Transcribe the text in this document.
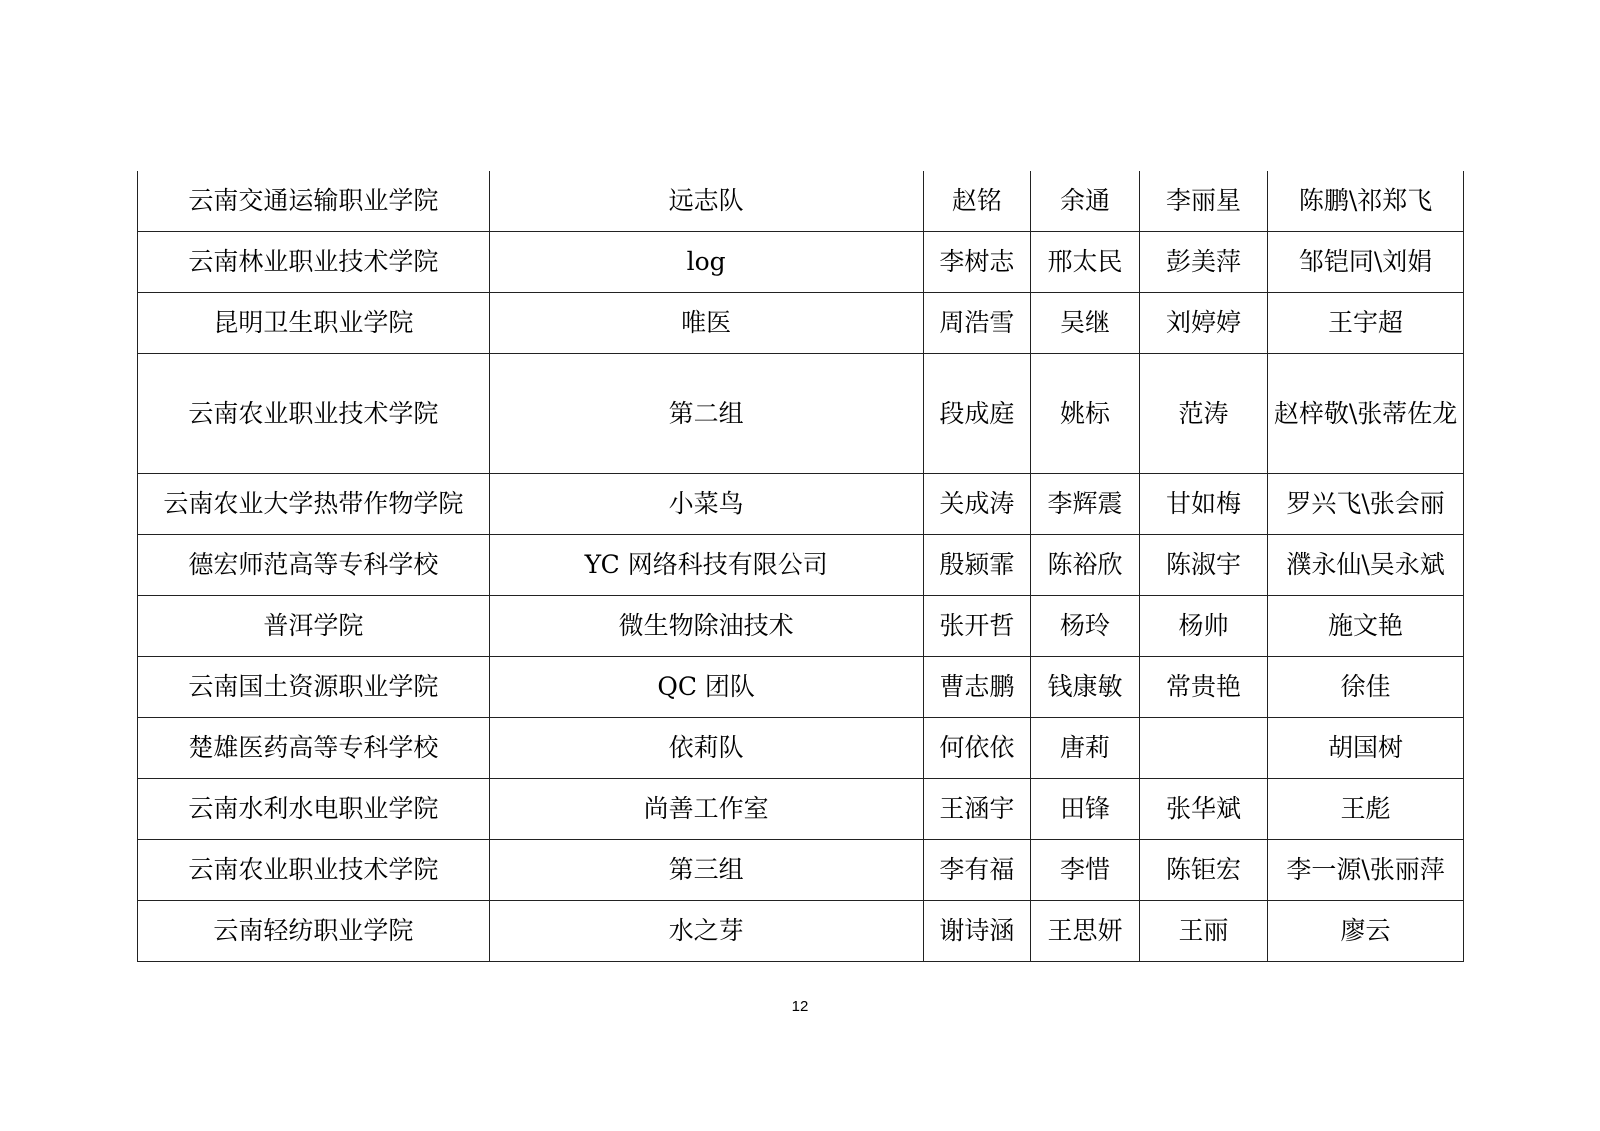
云南交通运输职业学院	远志队	赵铭	余通	李丽星	陈鹏\祁郑飞
云南林业职业技术学院	log	李树志	邢太民	彭美萍	邹铠同\刘娟
昆明卫生职业学院	唯医	周浩雪	吴继	刘婷婷	王宇超
云南农业职业技术学院	第二组	段成庭	姚标	范涛	赵梓敬\张蒂佐龙
云南农业大学热带作物学院	小菜鸟	关成涛	李辉震	甘如梅	罗兴飞\张会丽
德宏师范高等专科学校	YC 网络科技有限公司	殷颍霏	陈裕欣	陈淑宇	濮永仙\吴永斌
普洱学院	微生物除油技术	张开哲	杨玲	杨帅	施文艳
云南国土资源职业学院	QC 团队	曹志鹏	钱康敏	常贵艳	徐佳
楚雄医药高等专科学校	依莉队	何依依	唐莉		胡国树
云南水利水电职业学院	尚善工作室	王涵宇	田锋	张华斌	王彪
云南农业职业技术学院	第三组	李有福	李惜	陈钜宏	李一源\张丽萍
云南轻纺职业学院	水之芽	谢诗涵	王思妍	王丽	廖云
12
